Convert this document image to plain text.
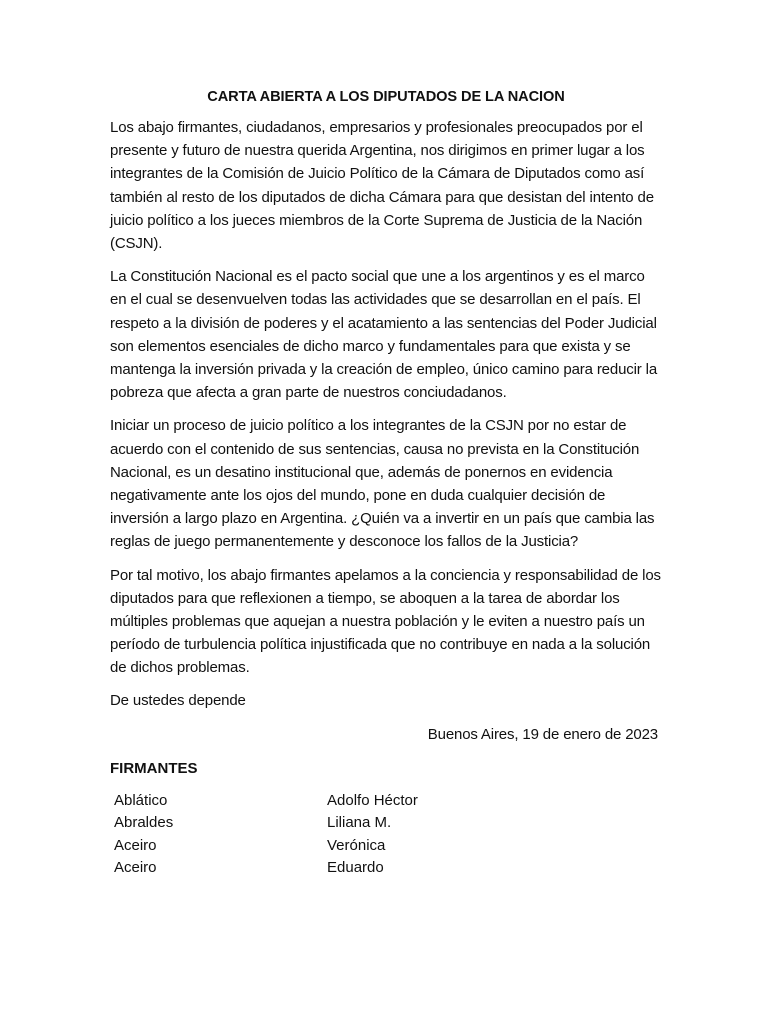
CARTA ABIERTA A LOS DIPUTADOS DE LA NACION

Los abajo firmantes, ciudadanos, empresarios y profesionales preocupados por el presente y futuro de nuestra querida Argentina, nos dirigimos en primer lugar a los integrantes de la Comisión de Juicio Político de la Cámara de Diputados como así también al resto de los diputados de dicha Cámara para que desistan del intento de juicio político a los jueces miembros de la Corte Suprema de Justicia de la Nación (CSJN).

La Constitución Nacional es el pacto social que une a los argentinos y es el marco en el cual se desenvuelven todas las actividades que se desarrollan en el país. El respeto a la división de poderes y el acatamiento a las sentencias del Poder Judicial son elementos esenciales de dicho marco y fundamentales para que exista y se mantenga la inversión privada y la creación de empleo, único camino para reducir la pobreza que afecta a gran parte de nuestros conciudadanos.

Iniciar un proceso de juicio político a los integrantes de la CSJN por no estar de acuerdo con el contenido de sus sentencias, causa no prevista en la Constitución Nacional, es un desatino institucional que, además de ponernos en evidencia negativamente ante los ojos del mundo, pone en duda cualquier decisión de inversión a largo plazo en Argentina. ¿Quién va a invertir en un país que cambia las reglas de juego permanentemente y desconoce los fallos de la Justicia?

Por tal motivo, los abajo firmantes apelamos a la conciencia y responsabilidad de los diputados para que reflexionen a tiempo, se aboquen a la tarea de abordar los múltiples problemas que aquejan a nuestra población y le eviten a nuestro país un período de turbulencia política injustificada que no contribuye en nada a la solución de dichos problemas.

De ustedes depende
Buenos Aires, 19 de enero de 2023
FIRMANTES
Ablático	Adolfo Héctor
Abraldes	Liliana M.
Aceiro	Verónica
Aceiro	Eduardo
